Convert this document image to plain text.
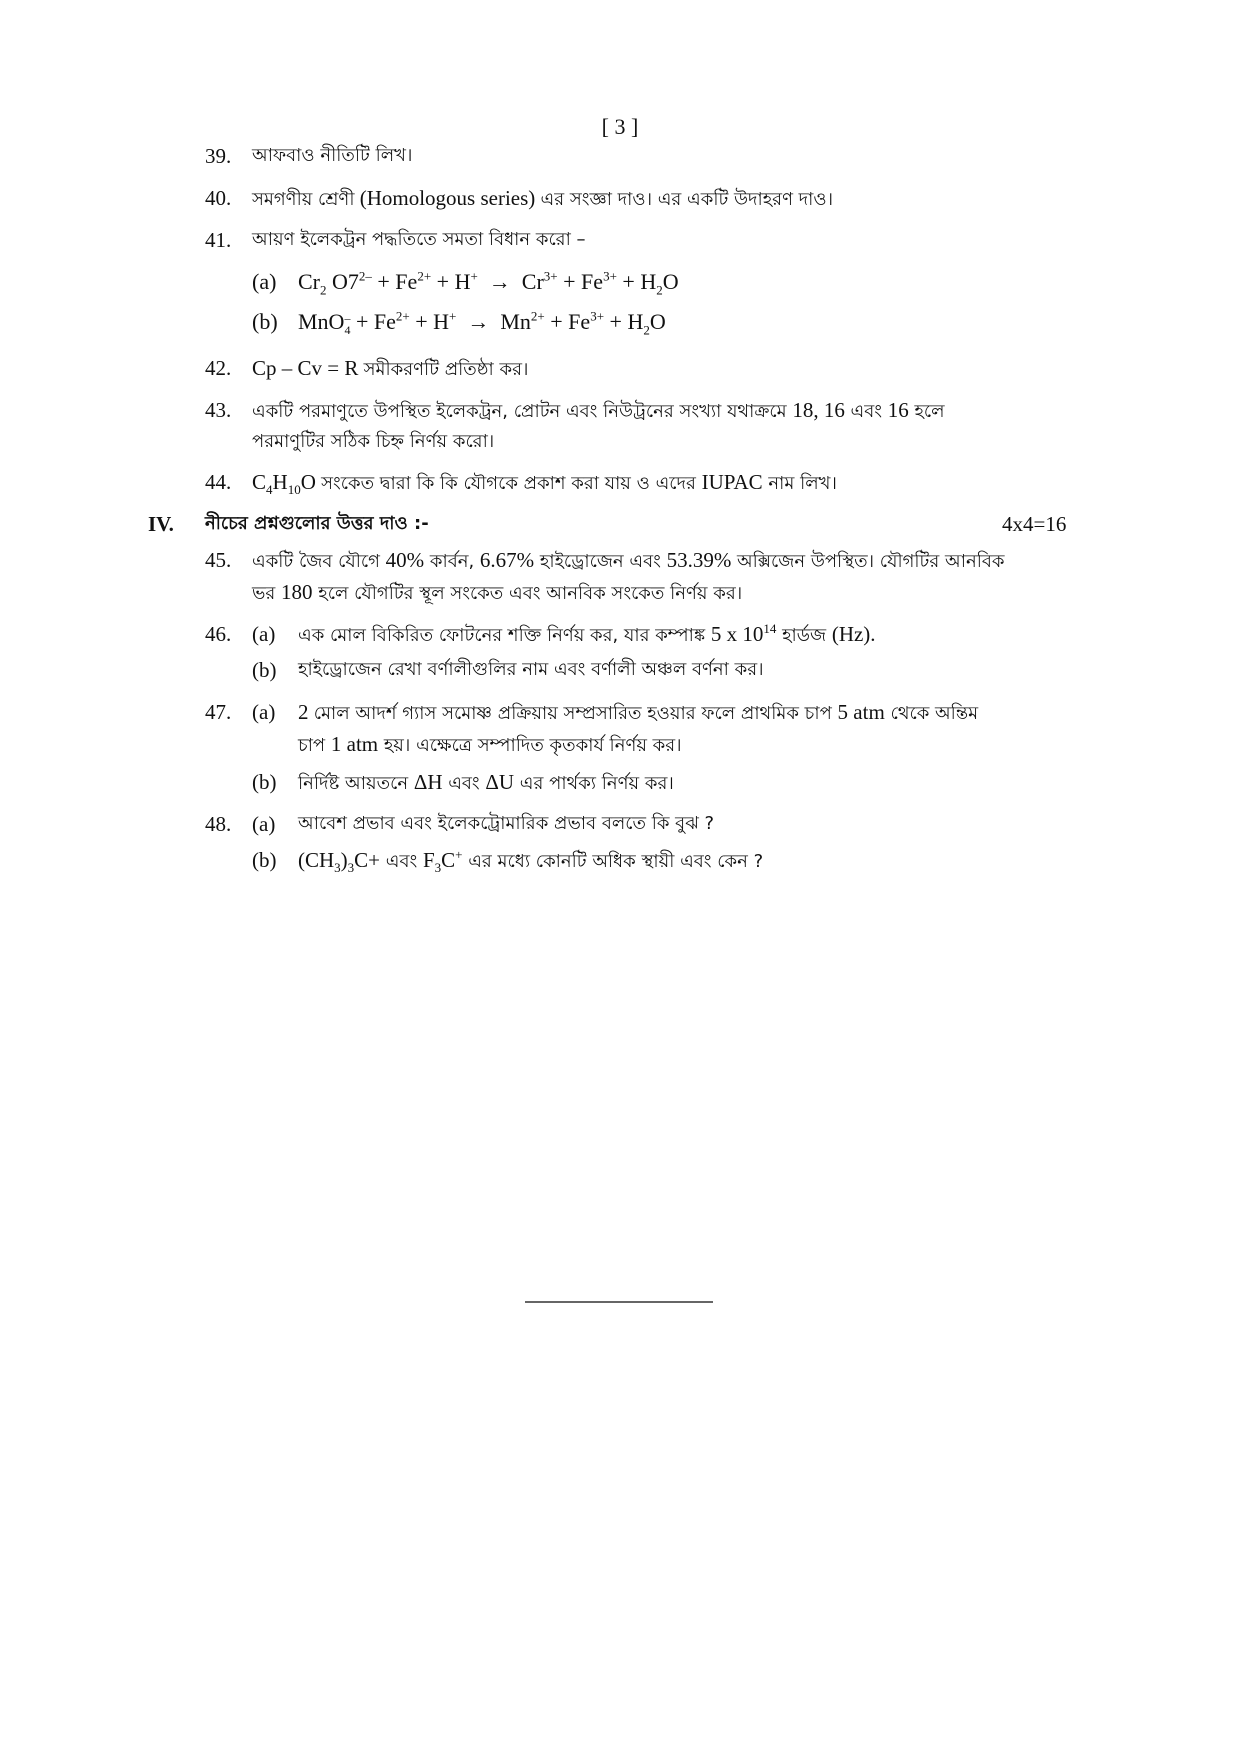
[ 3 ]
39. আফবাও নীতিটি লিখ।
40. সমগণীয় শ্রেণী (Homologous series) এর সংজ্ঞা দাও। এর একটি উদাহরণ দাও।
41. আয়ণ ইলেকট্রন পদ্ধতিতে সমতা বিধান করো –
(a) $Cr_2$ $O7^{2-} + Fe^{2+} + H^+ \to Cr^{3+} + Fe^{3+} + H_2O$
(b) MnO –
$4 + Fe^{2+} + H^+ \to Mn^{2+} + Fe^{3+} + H_2O$
42. Cp – Cv = R সমীকরণটি প্রতিষ্ঠা কর।
43. একটি পরমাণুতে উপস্থিত ইলেকট্রন, প্রোটন এবং নিউট্রনের সংখ্যা যথাক্রমে 18, 16 এবং 16 হলে
পরমাণুটির সঠিক চিহ্ন নির্ণয় করো।
44. $C_4H_{10}O$ সংকেত দ্বারা কি কি যৌগকে প্রকাশ করা যায় ও এদের IUPAC নাম লিখ।
IV. নীচের প্রশ্নগুলোর উত্তর দাও :-	4x4=16
45. একটি জৈব যৌগে 40% কার্বন, 6.67% হাইড্রোজেন এবং 53.39% অক্সিজেন উপস্থিত। যৌগটির আনবিক
ভর 180 হলে যৌগটির স্থূল সংকেত এবং আনবিক সংকেত নির্ণয় কর।
46. (a) এক মোল বিকিরিত ফোটনের শক্তি নির্ণয় কর, যার কম্পাঙ্ক 5 x $10^{14}$ হার্ডজ (Hz).
(b) হাইড্রোজেন রেখা বর্ণালীগুলির নাম এবং বর্ণালী অঞ্চল বর্ণনা কর।
47. (a) 2 মোল আদর্শ গ্যাস সমোষ্ণ প্রক্রিয়ায় সম্প্রসারিত হওয়ার ফলে প্রাথমিক চাপ 5 atm থেকে অন্তিম
চাপ 1 atm হয়। এক্ষেত্রে সম্পাদিত কৃতকার্য নির্ণয় কর।
(b) নির্দিষ্ট আয়তনে ΔH এবং ΔU এর পার্থক্য নির্ণয় কর।
48. (a) আবেশ প্রভাব এবং ইলেকট্রোমারিক প্রভাব বলতে কি বুঝ ?
(b) $(CH_3)_3C+$ এবং $F_3C^+$ এর মধ্যে কোনটি অধিক স্থায়ী এবং কেন ?
